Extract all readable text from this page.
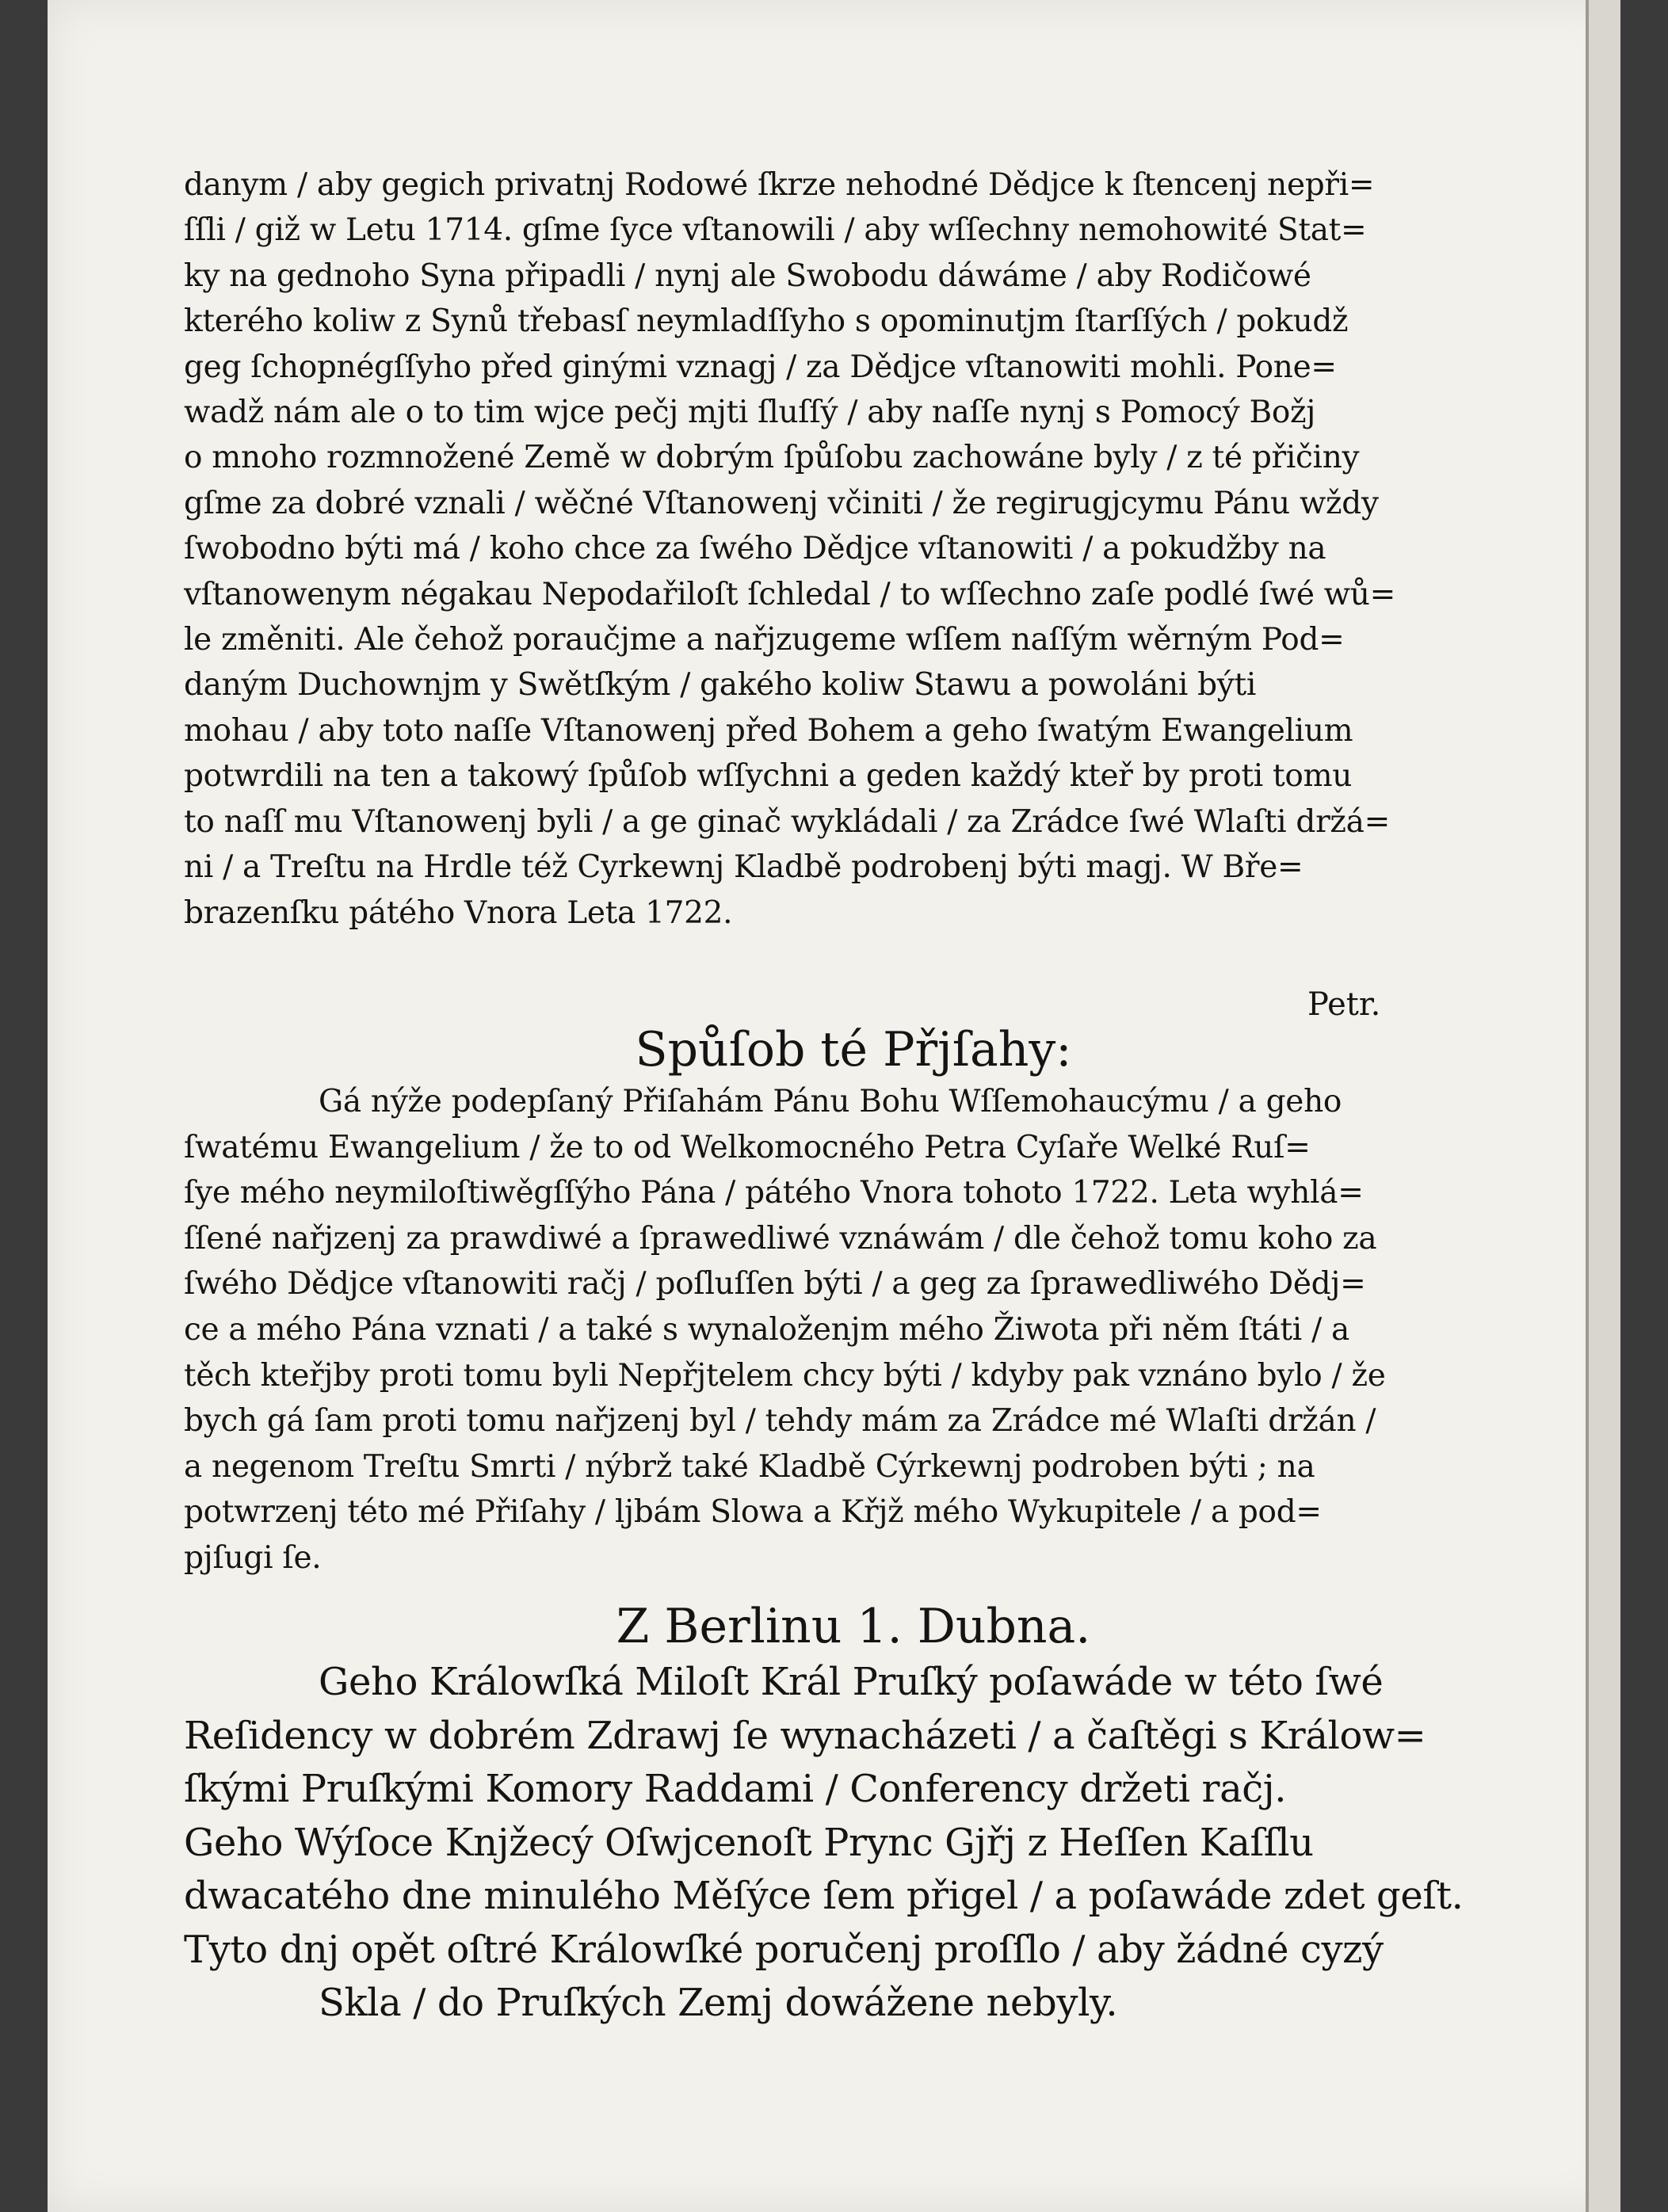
danym / aby gegich privatnj Rodowé ſkrze nehodné Dědjce k ſtencenj nepři=
ſſli / giž w Letu 1714. gſme ſyce vſtanowili / aby wſſechny nemohowité Stat=
ky na gednoho Syna připadli / nynj ale Swobodu dáwáme / aby Rodičowé
kterého koliw z Synů třebasſ neymladſſyho s opominutjm ſtarſſých / pokudž
geg ſchopnégſſyho před ginými vznagj / za Dědjce vſtanowiti mohli. Pone=
wadž nám ale o to tim wjce pečj mjti ſluſſý / aby naſſe nynj s Pomocý Božj
o mnoho rozmnožené Země w dobrým ſpůſobu zachowáne byly / z té přičiny
gſme za dobré vznali / wěčné Vſtanowenj včiniti / že regirugjcymu Pánu wždy
ſwobodno býti má / koho chce za ſwého Dědjce vſtanowiti / a pokudžby na
vſtanowenym négakau Nepodařiloſt ſchledal / to wſſechno zaſe podlé ſwé wů=
le změniti. Ale čehož poraučjme a nařjzugeme wſſem naſſým wěrným Pod=
daným Duchownjm y Swětſkým / gakého koliw Stawu a powoláni býti
mohau / aby toto naſſe Vſtanowenj před Bohem a geho ſwatým Ewangelium
potwrdili na ten a takowý ſpůſob wſſychni a geden každý kteř by proti tomu
to naſſ mu Vſtanowenj byli / a ge ginač wykládali / za Zrádce ſwé Wlaſti držá=
ni / a Treſtu na Hrdle též Cyrkewnj Kladbě podrobenj býti magj. W Bře=
brazenſku pátého Vnora Leta 1722.
Petr.
Spůſob té Přjſahy:
Gá nýže podepſaný Přiſahám Pánu Bohu Wſſemohaucýmu / a geho
ſwatému Ewangelium / že to od Welkomocného Petra Cyſaře Welké Ruſ=
ſye mého neymiloſtiwěgſſýho Pána / pátého Vnora tohoto 1722. Leta wyhlá=
ſſené nařjzenj za prawdiwé a ſprawedliwé vznáwám / dle čehož tomu koho za
ſwého Dědjce vſtanowiti račj / poſluſſen býti / a geg za ſprawedliwého Dědj=
ce a mého Pána vznati / a také s wynaloženjm mého Žiwota při něm ſtáti / a
těch kteřjby proti tomu byli Nepřjtelem chcy býti / kdyby pak vznáno bylo / že
bych gá ſam proti tomu nařjzenj byl / tehdy mám za Zrádce mé Wlaſti držán /
a negenom Treſtu Smrti / nýbrž také Kladbě Cýrkewnj podroben býti ; na
potwrzenj této mé Přiſahy / ljbám Slowa a Křjž mého Wykupitele / a pod=
pjſugi ſe.
Z Berlinu 1. Dubna.
Geho Králowſká Miloſt Král Pruſký poſawáde w této ſwé
Reſidency w dobrém Zdrawj ſe wynacházeti / a čaſtěgi s Králow=
ſkými Pruſkými Komory Raddami / Conferency držeti račj.
Geho Wýſoce Knjžecý Oſwjcenoſt Prync Gjřj z Heſſen Kaſſlu
dwacatého dne minulého Měſýce ſem přigel / a poſawáde zdet geſt.
Tyto dnj opět oſtré Králowſké poručenj proſſlo / aby žádné cyzý
Skla / do Pruſkých Zemj dowážene nebyly.
